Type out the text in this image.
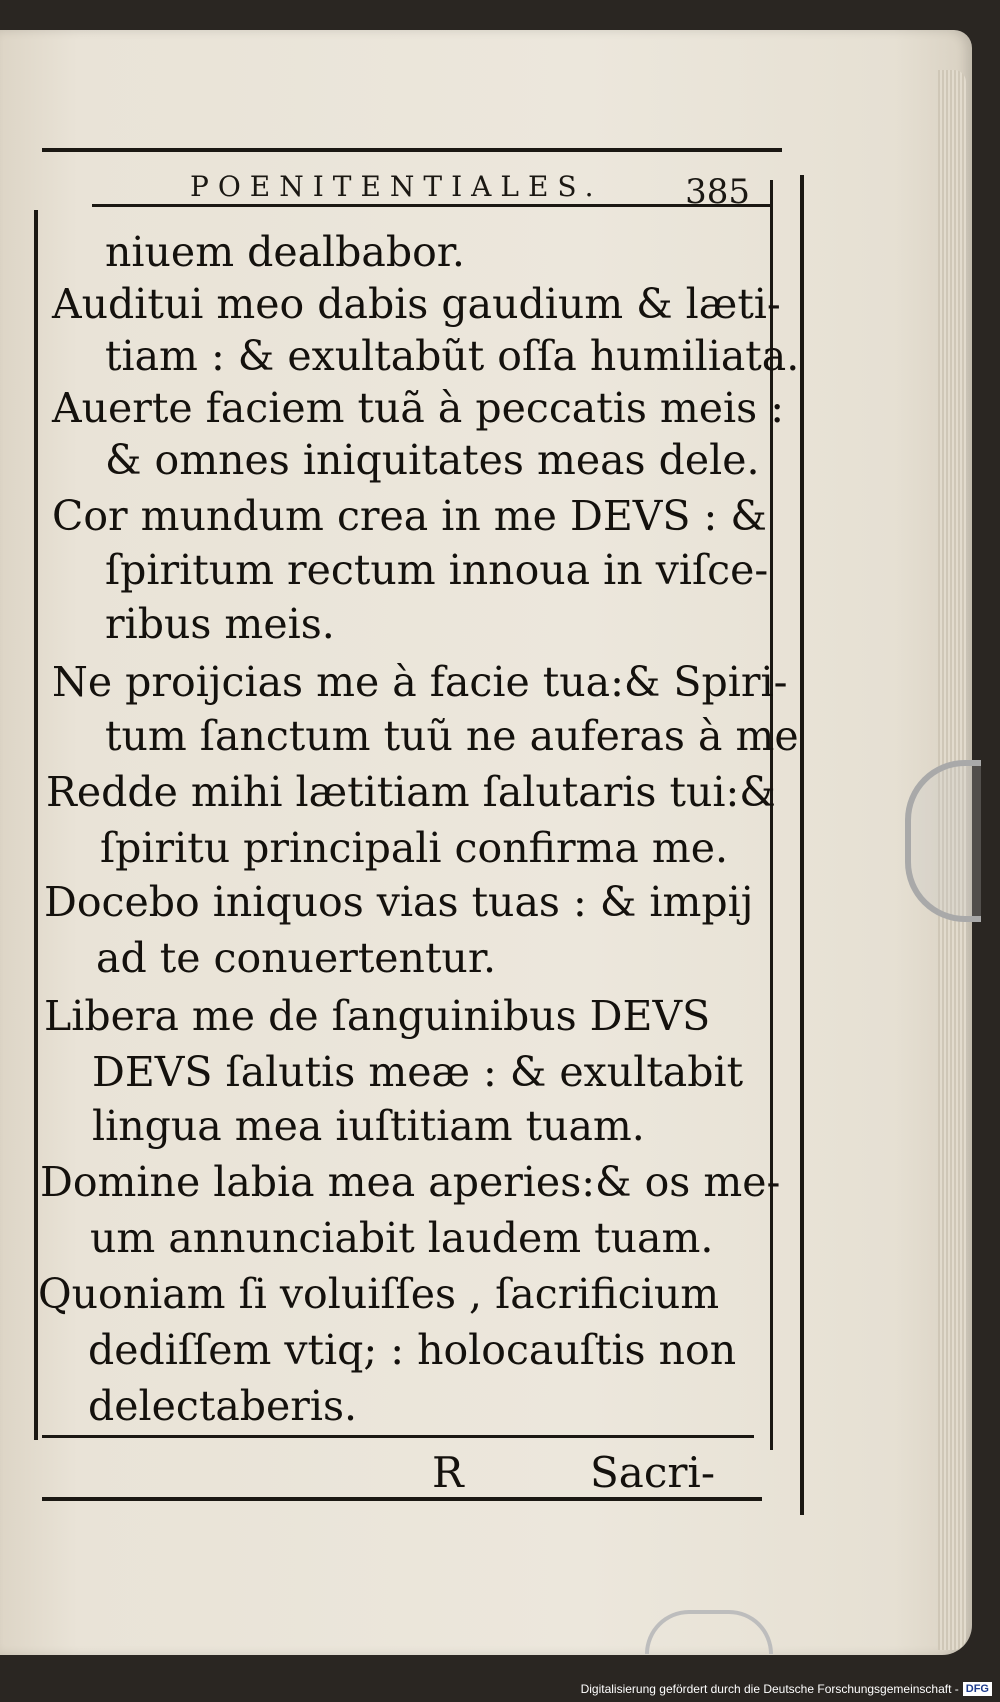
POENITENTIALES. 385
niuem dealbabor.
Auditui meo dabis gaudium & læti-
tiam : & exultabũt oſſa humiliata.
Auerte faciem tuã à peccatis meis :
& omnes iniquitates meas dele.
Cor mundum crea in me DEVS : &
ſpiritum rectum innoua in viſce-
ribus meis.
Ne proijcias me à facie tua:& Spiri-
tum ſanctum tuũ ne auferas à me
Redde mihi lætitiam ſalutaris tui:&
ſpiritu principali confirma me.
Docebo iniquos vias tuas : & impij
ad te conuertentur.
Libera me de ſanguinibus DEVS
DEVS ſalutis meæ : & exultabit
lingua mea iuſtitiam tuam.
Domine labia mea aperies:& os me-
um annunciabit laudem tuam.
Quoniam ſi voluiſſes , ſacrificium
dediſſem vtiq; : holocauſtis non
delectaberis.
R	Sacri-
Digitalisierung gefördert durch die Deutsche Forschungsgemeinschaft - DFG
